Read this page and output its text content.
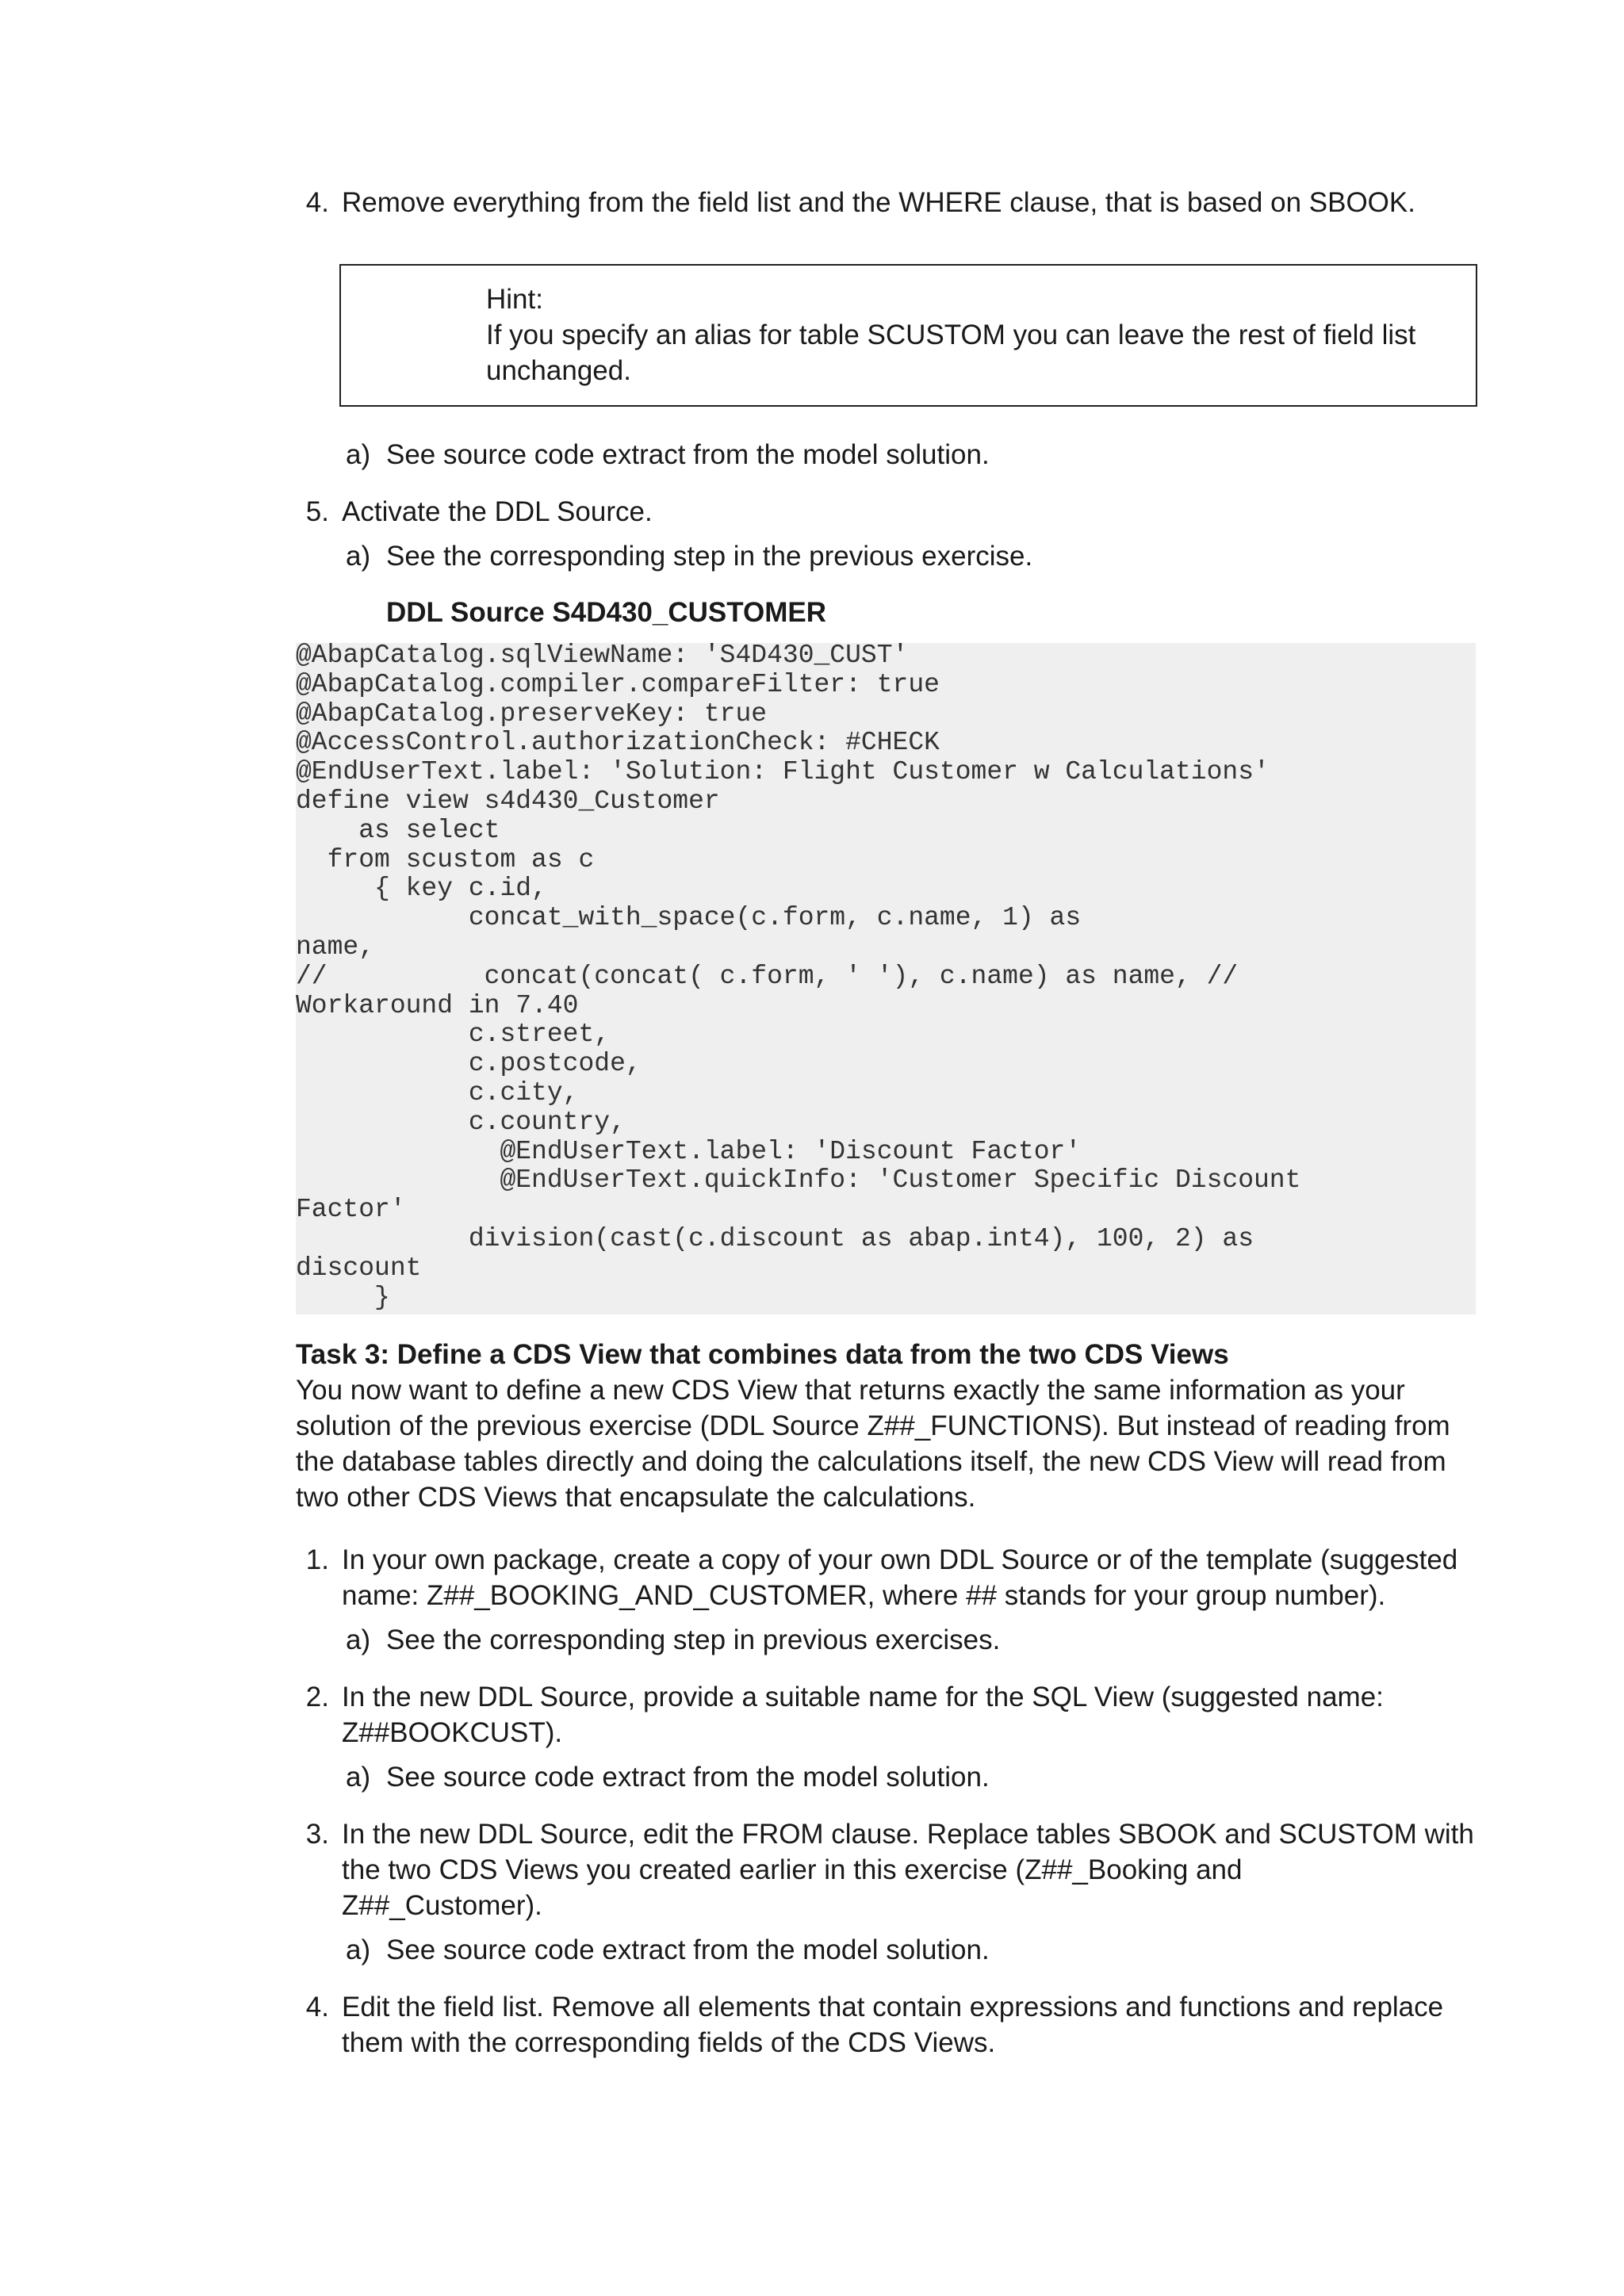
4. Remove everything from the field list and the WHERE clause, that is based on SBOOK.
Hint:
If you specify an alias for table SCUSTOM you can leave the rest of field list
unchanged.
a) See source code extract from the model solution.
5. Activate the DDL Source.
a) See the corresponding step in the previous exercise.
DDL Source S4D430_CUSTOMER
@AbapCatalog.sqlViewName: 'S4D430_CUST'
@AbapCatalog.compiler.compareFilter: true
@AbapCatalog.preserveKey: true
@AccessControl.authorizationCheck: #CHECK
@EndUserText.label: 'Solution: Flight Customer w Calculations'
define view s4d430_Customer
as select
from scustom as c
{ key c.id,
concat_with_space(c.form, c.name, 1) as
name,
//          concat(concat( c.form, ' '), c.name) as name, //
Workaround in 7.40
c.street,
c.postcode,
c.city,
c.country,
@EndUserText.label: 'Discount Factor'
@EndUserText.quickInfo: 'Customer Specific Discount
Factor'
division(cast(c.discount as abap.int4), 100, 2) as
discount
}
Task 3: Define a CDS View that combines data from the two CDS Views
You now want to define a new CDS View that returns exactly the same information as your
solution of the previous exercise (DDL Source Z##_FUNCTIONS). But instead of reading from
the database tables directly and doing the calculations itself, the new CDS View will read from
two other CDS Views that encapsulate the calculations.
1. In your own package, create a copy of your own DDL Source or of the template (suggested
name: Z##_BOOKING_AND_CUSTOMER, where ## stands for your group number).
a) See the corresponding step in previous exercises.
2. In the new DDL Source, provide a suitable name for the SQL View (suggested name:
Z##BOOKCUST).
a) See source code extract from the model solution.
3. In the new DDL Source, edit the FROM clause. Replace tables SBOOK and SCUSTOM with
the two CDS Views you created earlier in this exercise (Z##_Booking and
Z##_Customer).
a) See source code extract from the model solution.
4. Edit the field list. Remove all elements that contain expressions and functions and replace
them with the corresponding fields of the CDS Views.
